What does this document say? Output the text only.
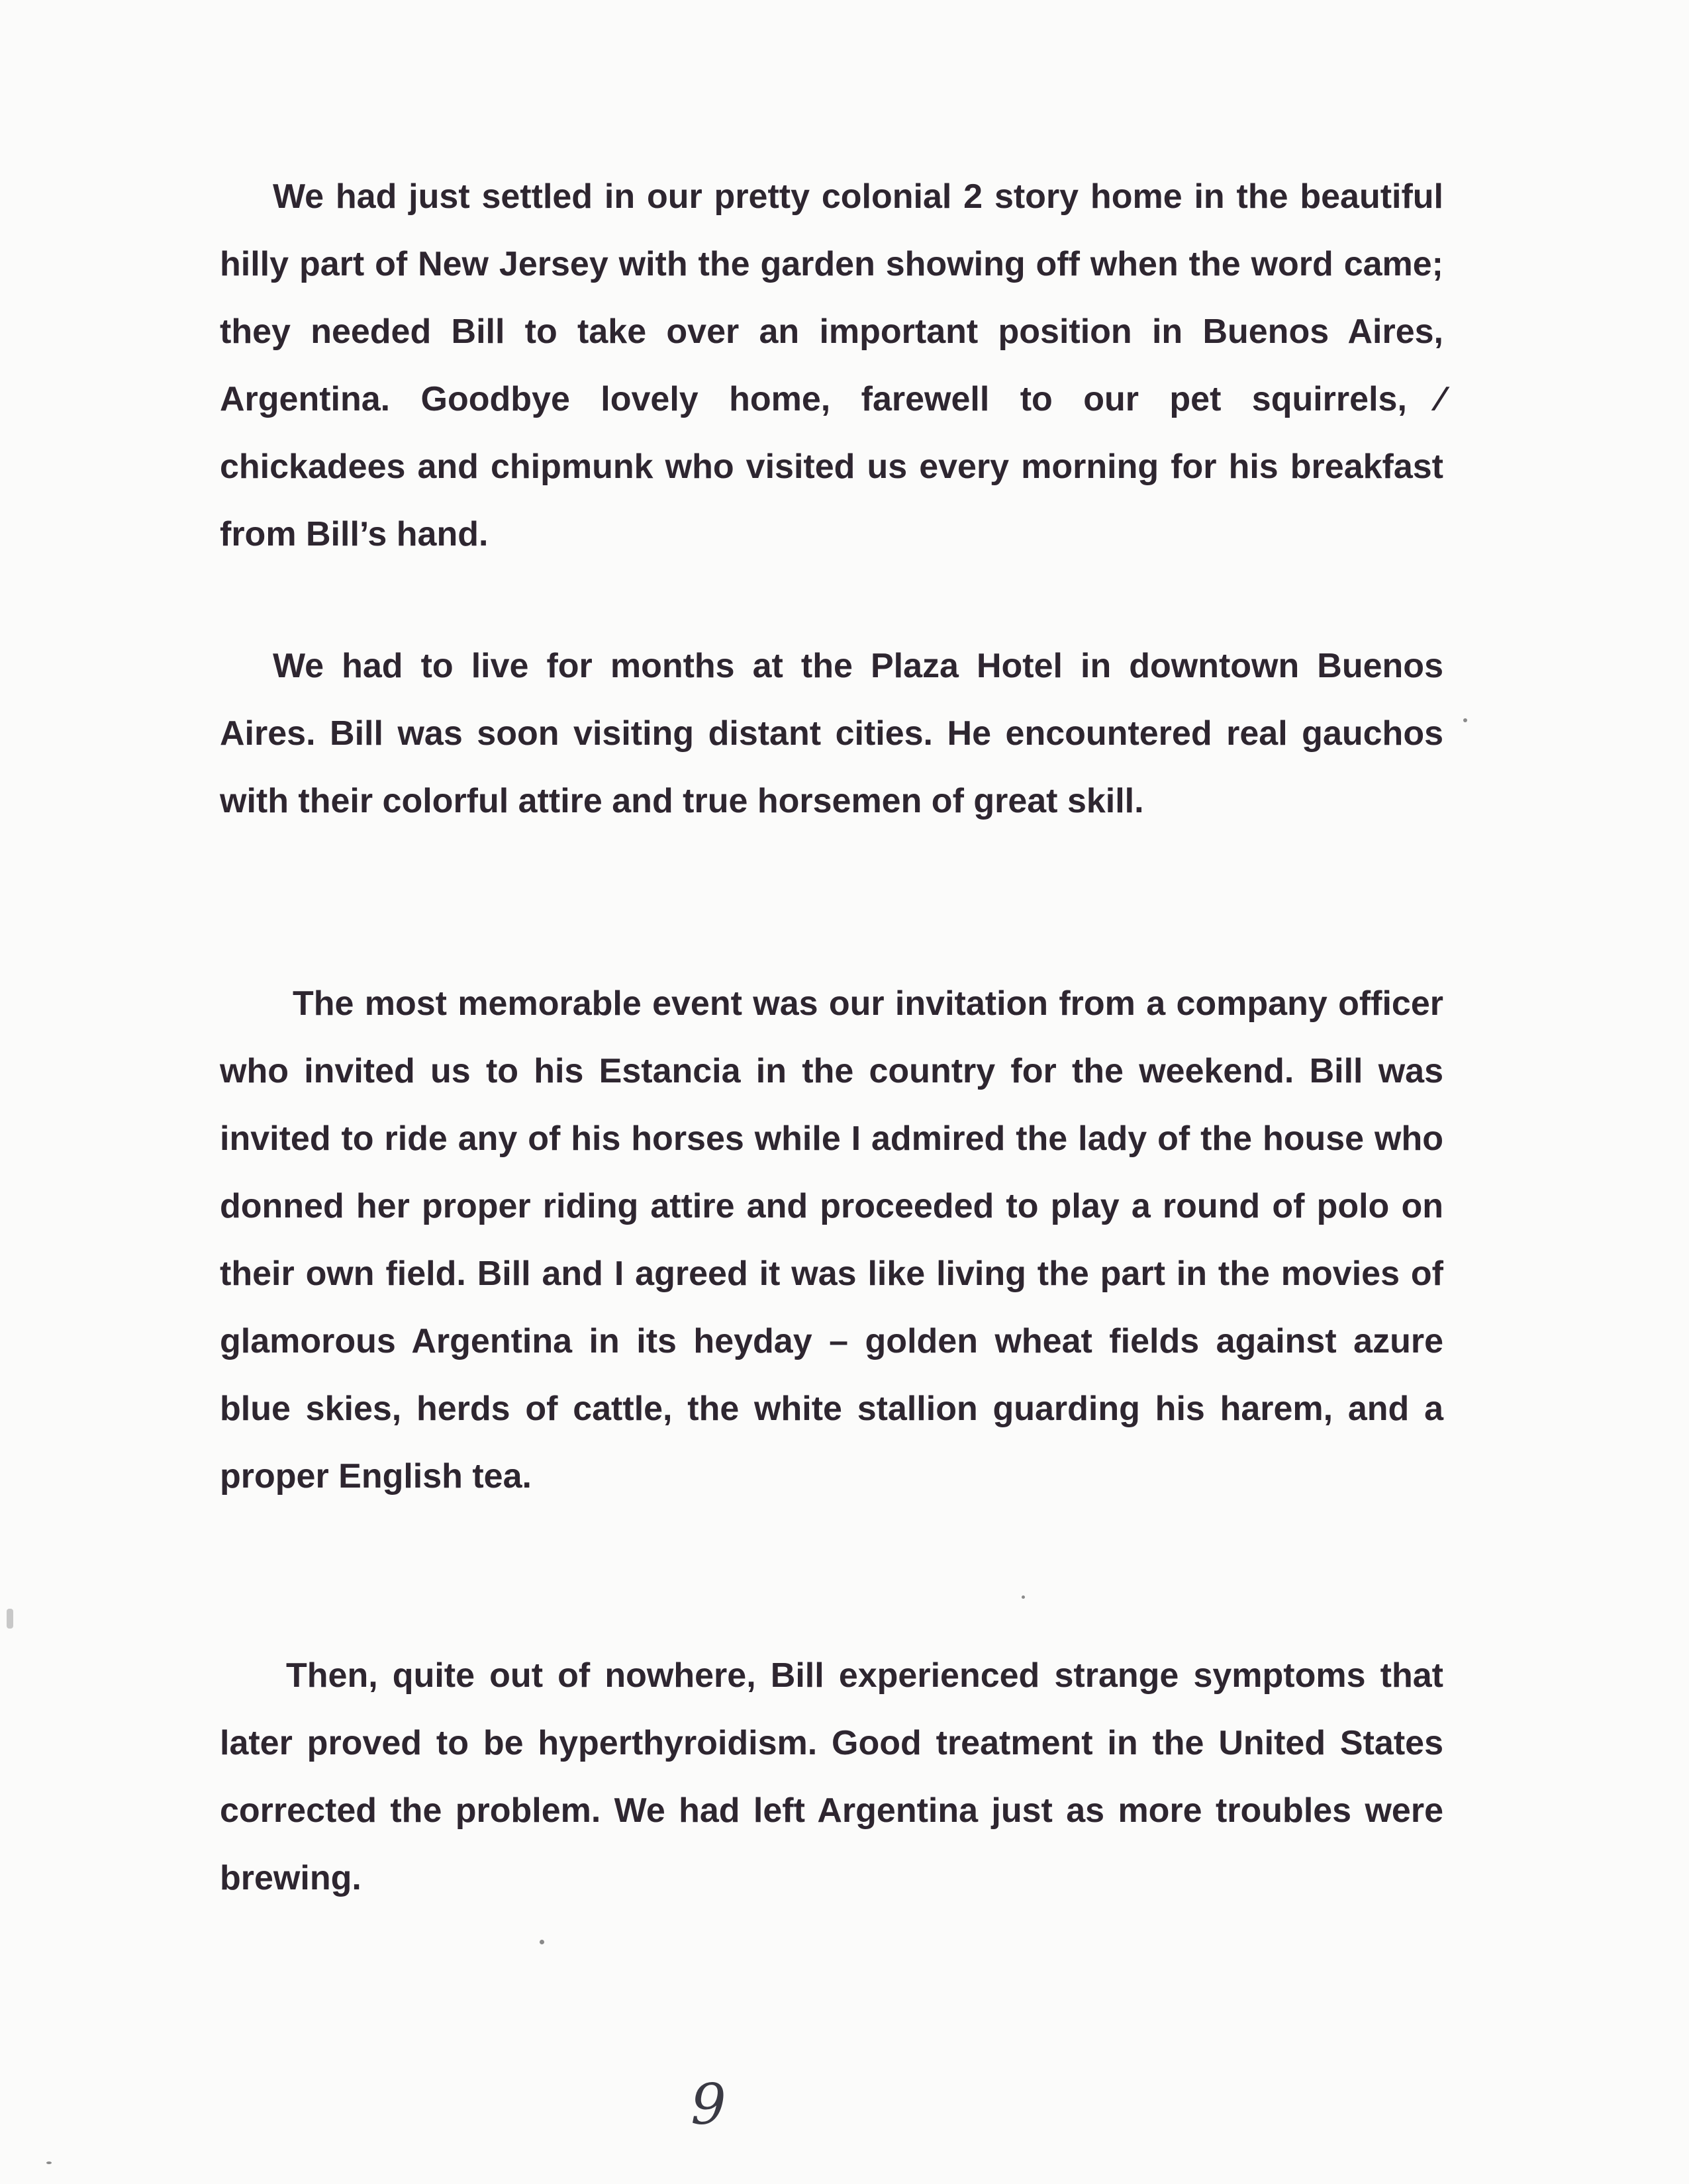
We had just settled in our pretty colonial 2 story home in the beautiful hilly part of New Jersey with the garden showing off when the word came; they needed Bill to take over an important position in Buenos Aires, Argentina. Goodbye lovely home, farewell to our pet squirrels, ⁄ chickadees and chipmunk who visited us every morning for his breakfast from Bill’s hand.

We had to live for months at the Plaza Hotel in downtown Buenos Aires. Bill was soon visiting distant cities. He encountered real gauchos with their colorful attire and true horsemen of great skill.

The most memorable event was our invitation from a company officer who invited us to his Estancia in the country for the weekend. Bill was invited to ride any of his horses while I admired the lady of the house who donned her proper riding attire and proceeded to play a round of polo on their own field. Bill and I agreed it was like living the part in the movies of glamorous Argentina in its heyday – golden wheat fields against azure blue skies, herds of cattle, the white stallion guarding his harem, and a proper English tea.

Then, quite out of nowhere, Bill experienced strange symptoms that later proved to be hyperthyroidism. Good treatment in the United States corrected the problem. We had left Argentina just as more troubles were brewing.

9
